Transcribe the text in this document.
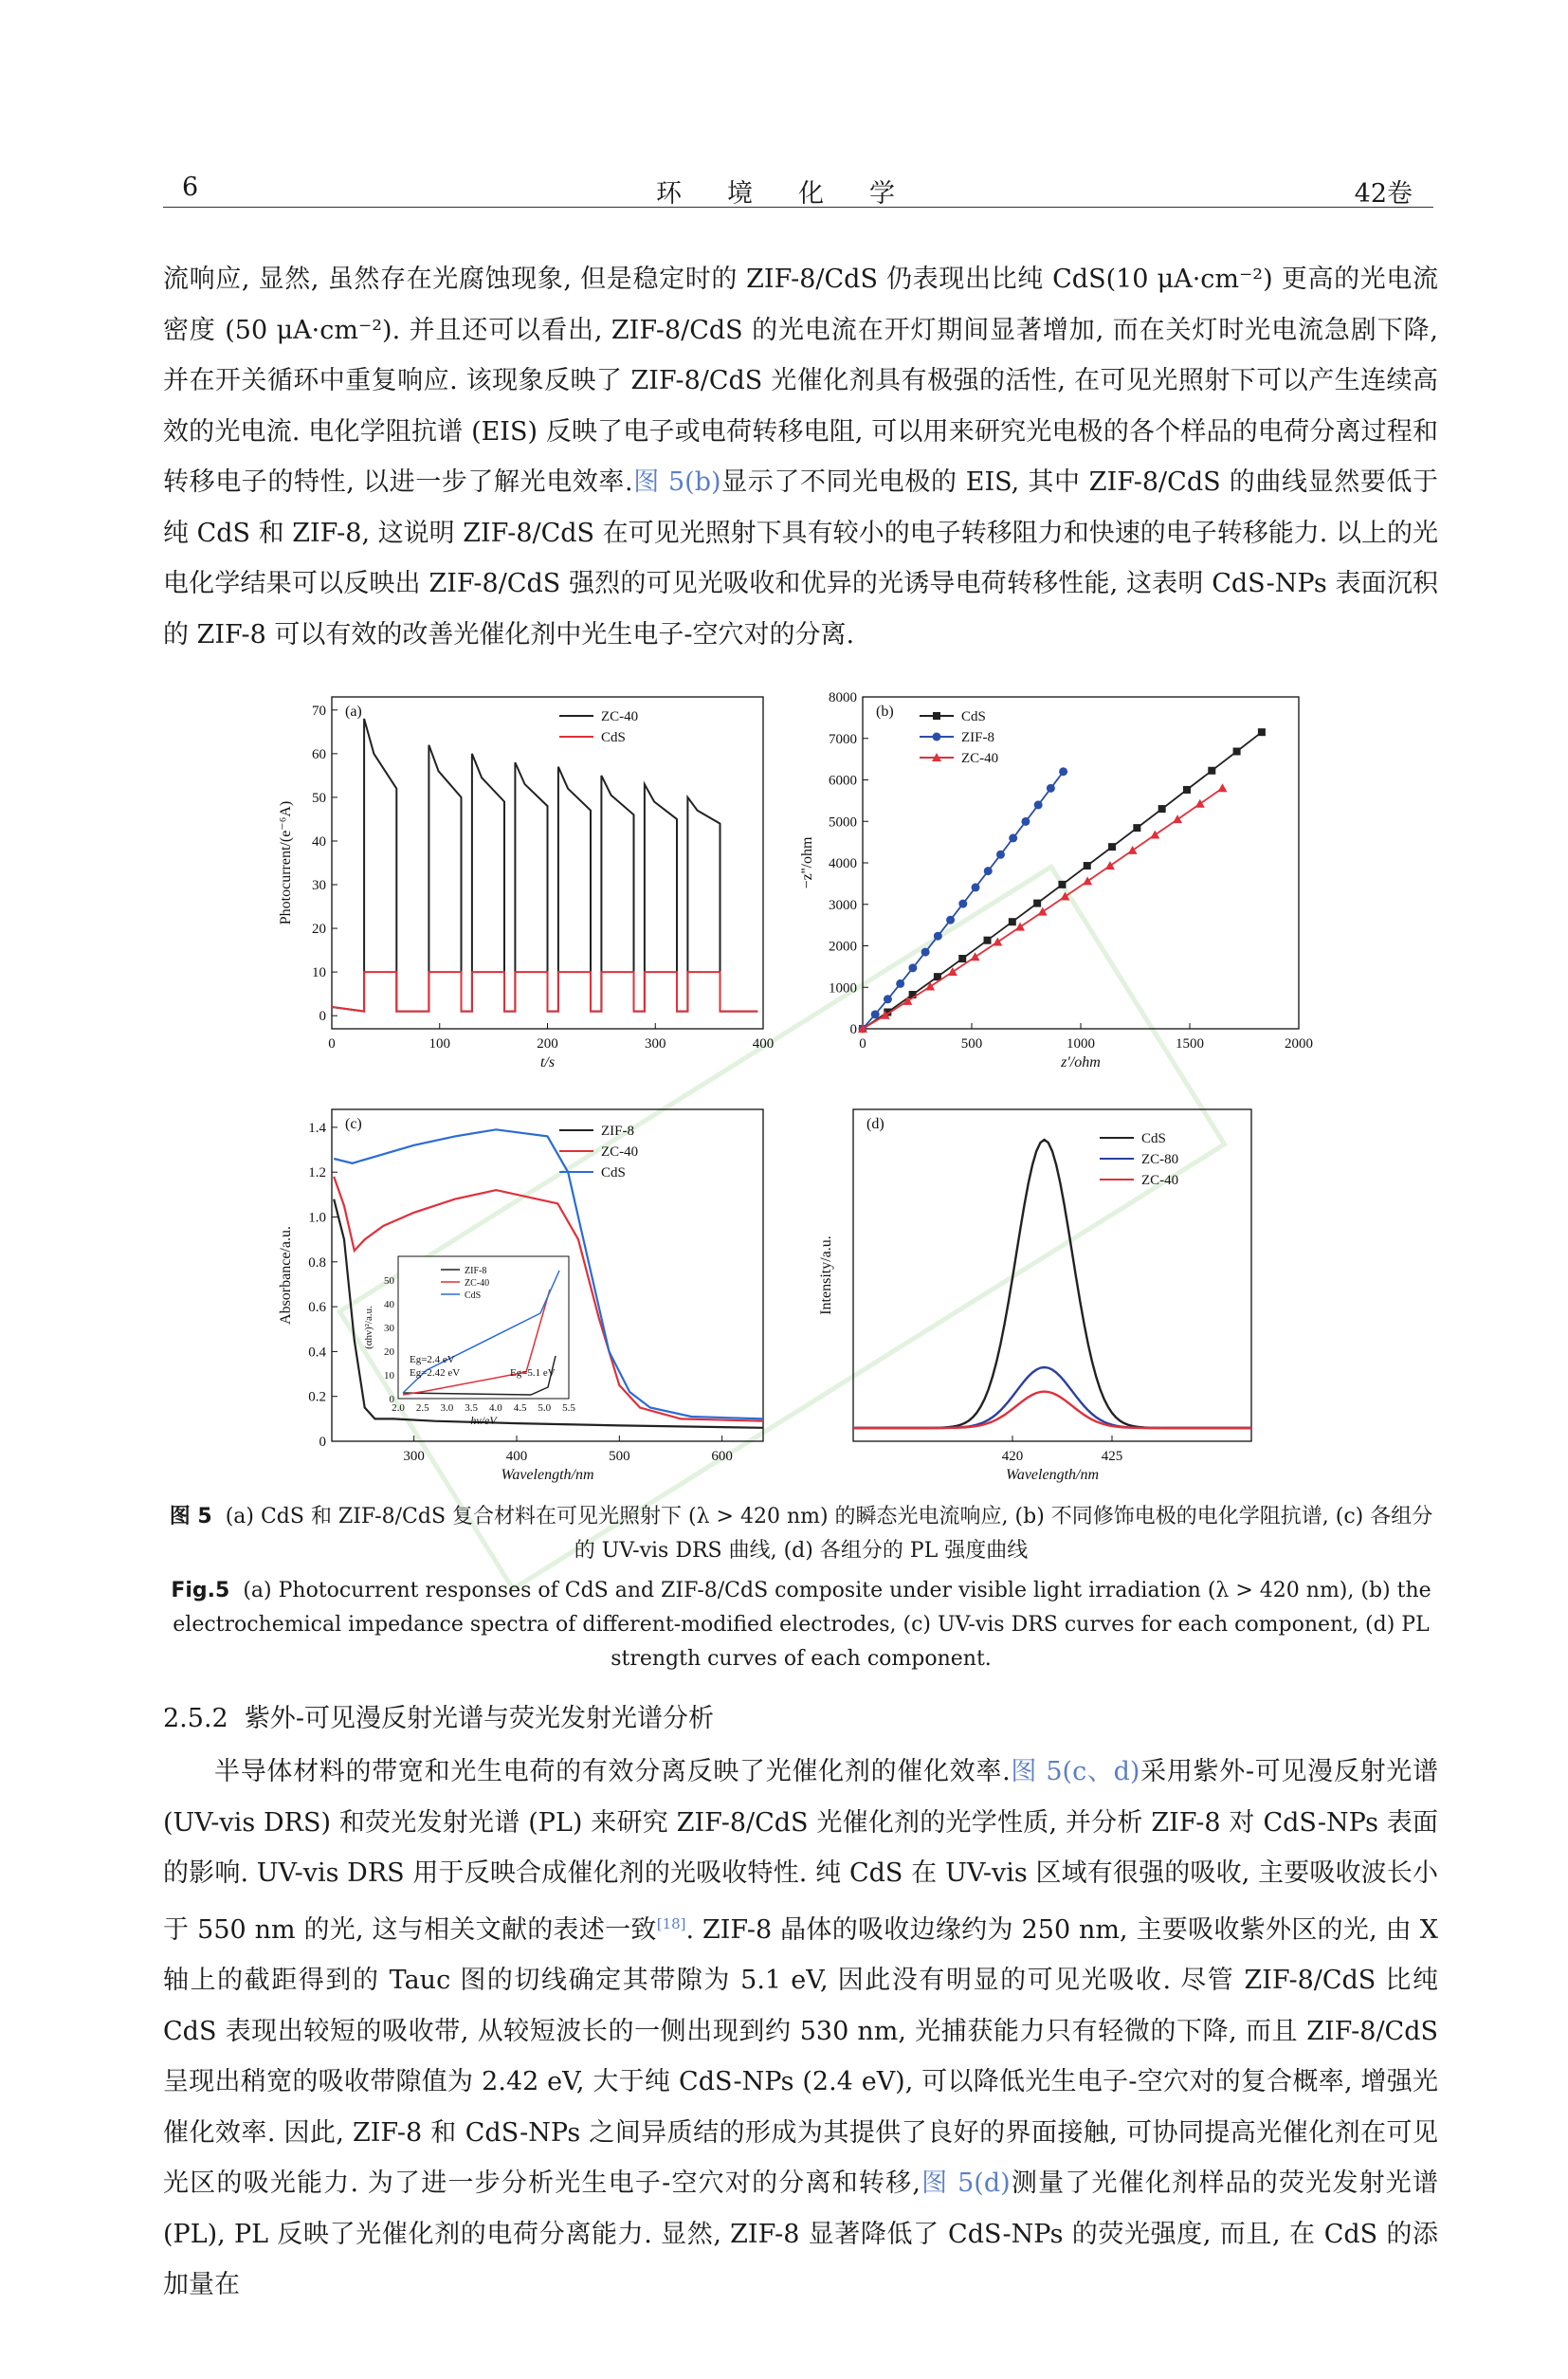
6	环境化学	42卷

流响应, 显然, 虽然存在光腐蚀现象, 但是稳定时的 ZIF-8/CdS 仍表现出比纯 CdS(10 μA·cm⁻²) 更高的光电流密度 (50 μA·cm⁻²). 并且还可以看出, ZIF-8/CdS 的光电流在开灯期间显著增加, 而在关灯时光电流急剧下降, 并在开关循环中重复响应. 该现象反映了 ZIF-8/CdS 光催化剂具有极强的活性, 在可见光照射下可以产生连续高效的光电流. 电化学阻抗谱 (EIS) 反映了电子或电荷转移电阻, 可以用来研究光电极的各个样品的电荷分离过程和转移电子的特性, 以进一步了解光电效率.图 5(b)显示了不同光电极的 EIS, 其中 ZIF-8/CdS 的曲线显然要低于纯 CdS 和 ZIF-8, 这说明 ZIF-8/CdS 在可见光照射下具有较小的电子转移阻力和快速的电子转移能力. 以上的光电化学结果可以反映出 ZIF-8/CdS 强烈的可见光吸收和优异的光诱导电荷转移性能, 这表明 CdS-NPs 表面沉积的 ZIF-8 可以有效的改善光催化剂中光生电子-空穴对的分离.

0	100	200	300	400
0
10
20
30
40
50
60
70
t/s
Photocurrent/(e⁻⁶A)
(a)	ZC-40
CdS
0	500	1000	1500	2000
0
1000
2000
3000
4000
5000
6000
7000
8000
z'/ohm
−z''/ohm
(b)	CdS
ZIF-8
ZC-40
300	400	500	600
0
0.2
0.4
0.6
0.8
1.0
1.2
1.4
Wavelength/nm
Absorbance/a.u.
(c)	ZIF-8
ZC-40
CdS
2.0 2.5 3.0 3.5 4.0 4.5 5.0 5.5
0
10
20
30
40
50
hν/eV
(αhν)²/a.u.
ZIF-8
ZC-40
CdS
Eg=2.4 eV
Eg=2.42 eV	Eg=5.1 eV
420	425
Wavelength/nm
Intensity/a.u.
(d)
CdS
ZC-80
ZC-40
图 5 (a) CdS 和 ZIF-8/CdS 复合材料在可见光照射下 (λ > 420 nm) 的瞬态光电流响应, (b) 不同修饰电极的电化学阻抗谱, (c) 各组分的 UV-vis DRS 曲线, (d) 各组分的 PL 强度曲线
Fig.5 (a) Photocurrent responses of CdS and ZIF-8/CdS composite under visible light irradiation (λ > 420 nm), (b) the electrochemical impedance spectra of different-modified electrodes, (c) UV-vis DRS curves for each component, (d) PL strength curves of each component.
2.5.2 紫外-可见漫反射光谱与荧光发射光谱分析

半导体材料的带宽和光生电荷的有效分离反映了光催化剂的催化效率.图 5(c、d)采用紫外-可见漫反射光谱 (UV-vis DRS) 和荧光发射光谱 (PL) 来研究 ZIF-8/CdS 光催化剂的光学性质, 并分析 ZIF-8 对 CdS-NPs 表面的影响. UV-vis DRS 用于反映合成催化剂的光吸收特性. 纯 CdS 在 UV-vis 区域有很强的吸收, 主要吸收波长小于 550 nm 的光, 这与相关文献的表述一致[18]. ZIF-8 晶体的吸收边缘约为 250 nm, 主要吸收紫外区的光, 由 X 轴上的截距得到的 Tauc 图的切线确定其带隙为 5.1 eV, 因此没有明显的可见光吸收. 尽管 ZIF-8/CdS 比纯 CdS 表现出较短的吸收带, 从较短波长的一侧出现到约 530 nm, 光捕获能力只有轻微的下降, 而且 ZIF-8/CdS 呈现出稍宽的吸收带隙值为 2.42 eV, 大于纯 CdS-NPs (2.4 eV), 可以降低光生电子-空穴对的复合概率, 增强光催化效率. 因此, ZIF-8 和 CdS-NPs 之间异质结的形成为其提供了良好的界面接触, 可协同提高光催化剂在可见光区的吸光能力. 为了进一步分析光生电子-空穴对的分离和转移,图 5(d)测量了光催化剂样品的荧光发射光谱 (PL), PL 反映了光催化剂的电荷分离能力. 显然, ZIF-8 显著降低了 CdS-NPs 的荧光强度, 而且, 在 CdS 的添加量在
